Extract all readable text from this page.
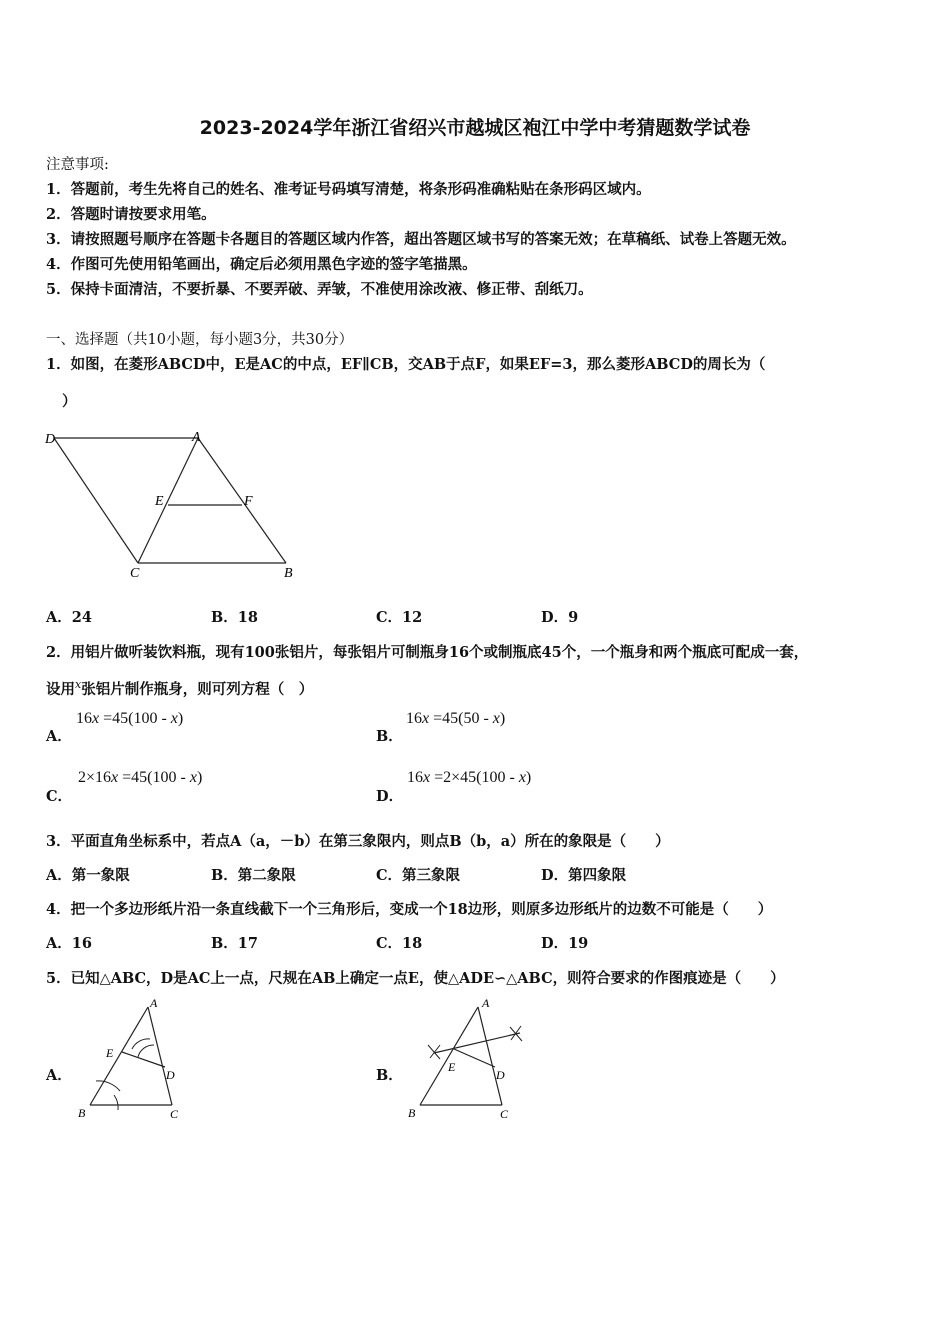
2023-2024学年浙江省绍兴市越城区袍江中学中考猜题数学试卷
注意事项:
1．答题前，考生先将自己的姓名、准考证号码填写清楚，将条形码准确粘贴在条形码区域内。
2．答题时请按要求用笔。
3．请按照题号顺序在答题卡各题目的答题区域内作答，超出答题区域书写的答案无效；在草稿纸、试卷上答题无效。
4．作图可先使用铅笔画出，确定后必须用黑色字迹的签字笔描黑。
5．保持卡面清洁，不要折暴、不要弄破、弄皱，不准使用涂改液、修正带、刮纸刀。
一、选择题（共10小题，每小题3分，共30分）
1．如图，在菱形ABCD中，E是AC的中点，EF∥CB，交AB于点F，如果EF=3，那么菱形ABCD的周长为（
）
D	A
E	F
C	B
A．24	B．18	C．12	D．9
2．用铝片做听装饮料瓶，现有100张铝片，每张铝片可制瓶身16个或制瓶底45个，一个瓶身和两个瓶底可配成一套，
设用$^x$张铝片制作瓶身，则可列方程（　）
A．
16x =45(100 - x)
B．
16x =45(50 - x)
C．
2×16x =45(100 - x)
D．
16x =2×45(100 - x)
3．平面直角坐标系中，若点A（a，－b）在第三象限内，则点B（b，a）所在的象限是（　　）
A．第一象限	B．第二象限	C．第三象限	D．第四象限
4．把一个多边形纸片沿一条直线截下一个三角形后，变成一个18边形，则原多边形纸片的边数不可能是（　　）
A．16	B．17	C．18	D．19
5．已知△ABC，D是AC上一点，尺规在AB上确定一点E，使△ADE∽△ABC，则符合要求的作图痕迹是（　　）
A．
A
E
D
B	C
B．
A
E
D
B	C
